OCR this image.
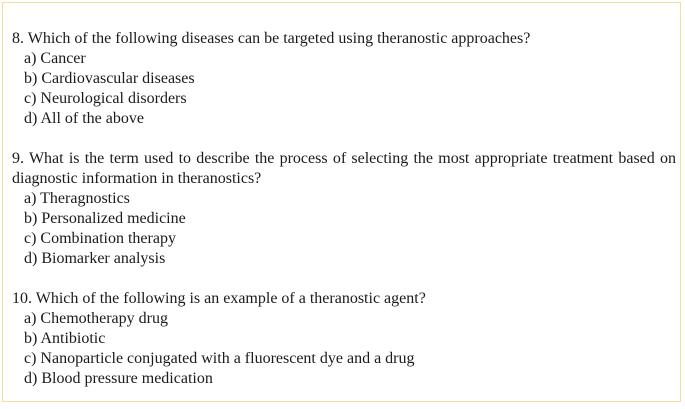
8. Which of the following diseases can be targeted using theranostic approaches?

a) Cancer
b) Cardiovascular diseases
c) Neurological disorders
d) All of the above

9. What is the term used to describe the process of selecting the most appropriate treatment based on diagnostic information in theranostics?

a) Theragnostics
b) Personalized medicine
c) Combination therapy
d) Biomarker analysis

10. Which of the following is an example of a theranostic agent?

a) Chemotherapy drug
b) Antibiotic
c) Nanoparticle conjugated with a fluorescent dye and a drug
d) Blood pressure medication
